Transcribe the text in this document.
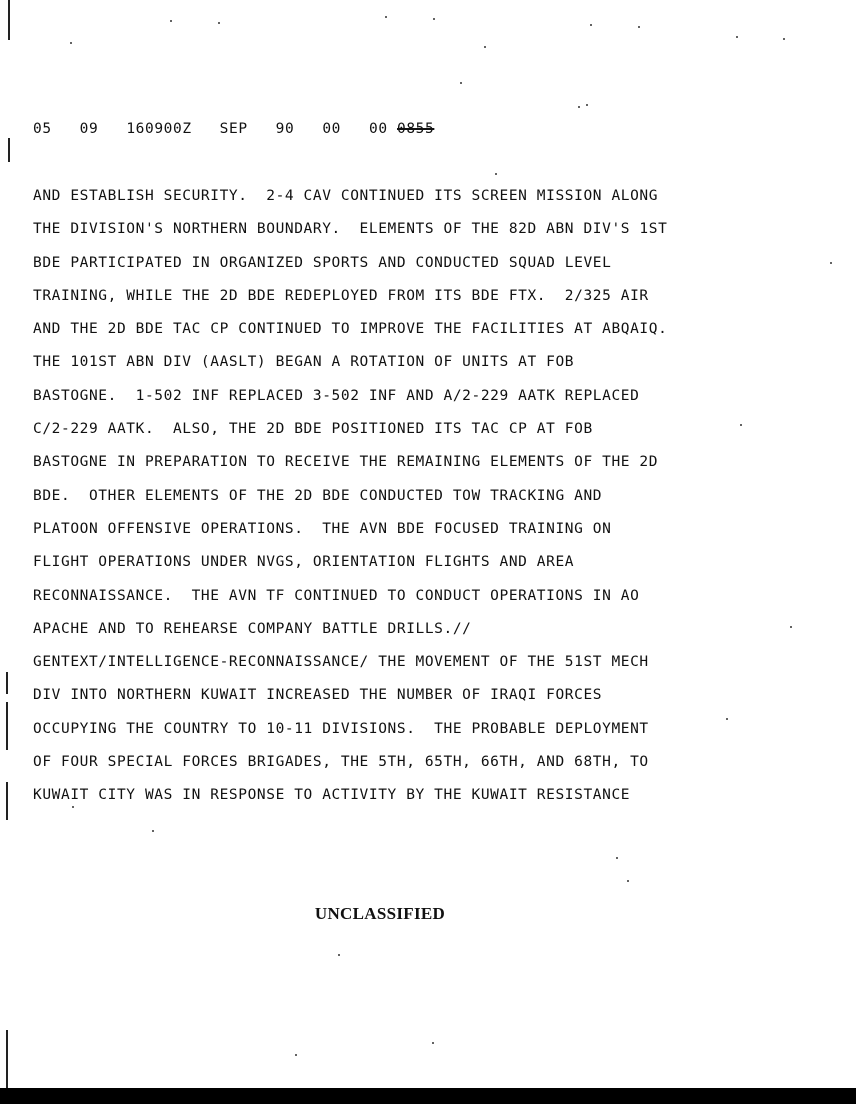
05 09 160900Z SEP 90 00 00 0855
AND ESTABLISH SECURITY.  2-4 CAV CONTINUED ITS SCREEN MISSION ALONG
THE DIVISION'S NORTHERN BOUNDARY.  ELEMENTS OF THE 82D ABN DIV'S 1ST
BDE PARTICIPATED IN ORGANIZED SPORTS AND CONDUCTED SQUAD LEVEL
TRAINING, WHILE THE 2D BDE REDEPLOYED FROM ITS BDE FTX.  2/325 AIR
AND THE 2D BDE TAC CP CONTINUED TO IMPROVE THE FACILITIES AT ABQAIQ.
THE 101ST ABN DIV (AASLT) BEGAN A ROTATION OF UNITS AT FOB
BASTOGNE.  1-502 INF REPLACED 3-502 INF AND A/2-229 AATK REPLACED
C/2-229 AATK.  ALSO, THE 2D BDE POSITIONED ITS TAC CP AT FOB
BASTOGNE IN PREPARATION TO RECEIVE THE REMAINING ELEMENTS OF THE 2D
BDE.  OTHER ELEMENTS OF THE 2D BDE CONDUCTED TOW TRACKING AND
PLATOON OFFENSIVE OPERATIONS.  THE AVN BDE FOCUSED TRAINING ON
FLIGHT OPERATIONS UNDER NVGS, ORIENTATION FLIGHTS AND AREA
RECONNAISSANCE.  THE AVN TF CONTINUED TO CONDUCT OPERATIONS IN AO
APACHE AND TO REHEARSE COMPANY BATTLE DRILLS.//
GENTEXT/INTELLIGENCE-RECONNAISSANCE/ THE MOVEMENT OF THE 51ST MECH
DIV INTO NORTHERN KUWAIT INCREASED THE NUMBER OF IRAQI FORCES
OCCUPYING THE COUNTRY TO 10-11 DIVISIONS.  THE PROBABLE DEPLOYMENT
OF FOUR SPECIAL FORCES BRIGADES, THE 5TH, 65TH, 66TH, AND 68TH, TO
KUWAIT CITY WAS IN RESPONSE TO ACTIVITY BY THE KUWAIT RESISTANCE
UNCLASSIFIED
